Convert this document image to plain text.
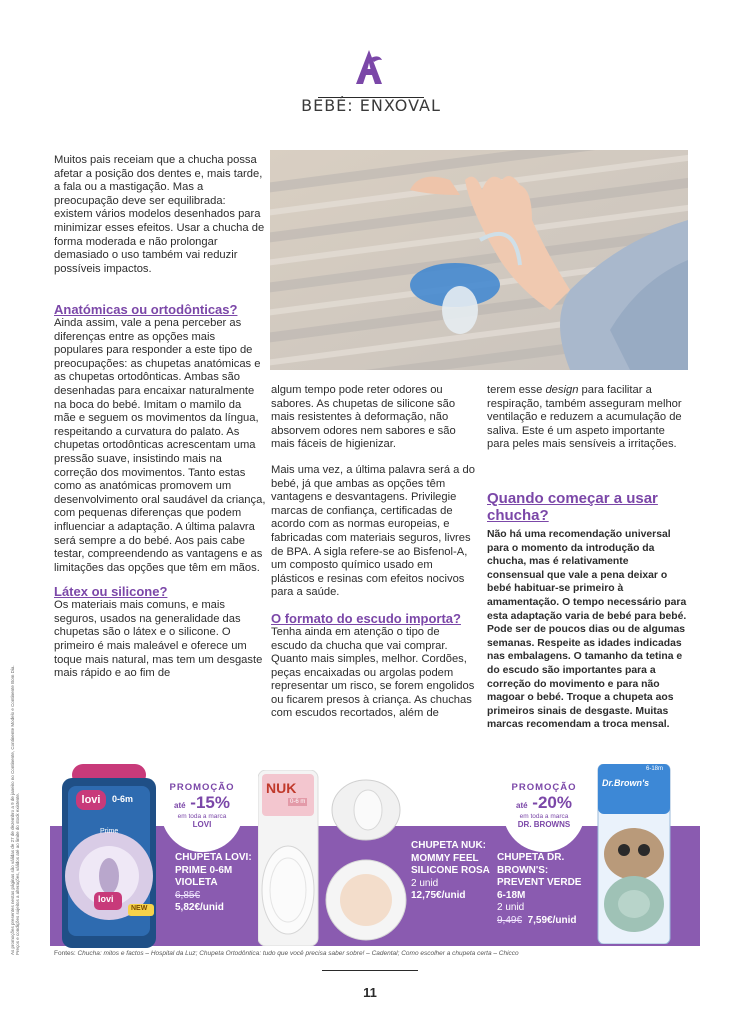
BEBÉ: ENXOVAL
Muitos pais receiam que a chucha possa afetar a posição dos dentes e, mais tarde, a fala ou a mastigação. Mas a preocupação deve ser equilibrada: existem vários modelos desenhados para minimizar esses efeitos. Usar a chucha de forma moderada e não prolongar demasiado o uso também vai reduzir possíveis impactos.
Anatómicas ou ortodônticas?
Ainda assim, vale a pena perceber as diferenças entre as opções mais populares para responder a este tipo de preocupações: as chupetas anatómicas e as chupetas ortodônticas. Ambas são desenhadas para encaixar naturalmente na boca do bebé. Imitam o mamilo da mãe e seguem os movimentos da língua, respeitando a curvatura do palato. As chupetas ortodônticas acrescentam uma pressão suave, insistindo mais na correção dos movimentos. Tanto estas como as anatómicas promovem um desenvolvimento oral saudável da criança, com pequenas diferenças que podem influenciar a adaptação. A última palavra será sempre a do bebé. Aos pais cabe testar, compreendendo as vantagens e as limitações das opções que têm em mãos.
Látex ou silicone?
Os materiais mais comuns, e mais seguros, usados na generalidade das chupetas são o látex e o silicone. O primeiro é mais maleável e oferece um toque mais natural, mas tem um desgaste mais rápido e ao fim de
algum tempo pode reter odores ou sabores. As chupetas de silicone são mais resistentes à deformação, não absorvem odores nem sabores e são mais fáceis de higienizar.
Mais uma vez, a última palavra será a do bebé, já que ambas as opções têm vantagens e desvantagens. Privilegie marcas de confiança, certificadas de acordo com as normas europeias, e fabricadas com materiais seguros, livres de BPA. A sigla refere-se ao Bisfenol-A, um composto químico usado em plásticos e resinas com efeitos nocivos para a saúde.
O formato do escudo importa?
Tenha ainda em atenção o tipo de escudo da chucha que vai comprar. Quanto mais simples, melhor. Cordões, peças encaixadas ou argolas podem representar um risco, se forem engolidos ou ficarem presos à criança. As chuchas com escudos recortados, além de
terem esse design para facilitar a respiração, também asseguram melhor ventilação e reduzem a acumulação de saliva. Este é um aspeto importante para peles mais sensíveis a irritações.
Quando começar a usar chucha?
Não há uma recomendação universal para o momento da introdução da chucha, mas é relativamente consensual que vale a pena deixar o bebé habituar-se primeiro à amamentação. O tempo necessário para esta adaptação varia de bebé para bebé. Pode ser de poucos dias ou de algumas semanas. Respeite as idades indicadas nas embalagens. O tamanho da tetina e do escudo são importantes para a correção do movimento e para não magoar o bebé. Troque a chupeta aos primeiros sinais de desgaste. Muitas marcas recomendam a troca mensal.
lovi	0-6m
Prime
lovi
NEW
PROMOÇÃO
até -15%
em toda a marca
LOVI
CHUPETA LOVI: PRIME 0-6M VIOLETA
6,85€
5,82€/unid
NUK
0-6 m
CHUPETA NUK: MOMMY FEEL SILICONE ROSA
2 unid
12,75€/unid
PROMOÇÃO
até -20%
em toda a marca
DR. BROWNS
Dr.Brown's
6-18m
CHUPETA DR. BROWN'S: PREVENT VERDE 6-18M
2 unid
9,49€ 7,59€/unid
As promoções presentes nestas páginas são válidas de 27 de dezembro a 9 de janeiro no Continente, Continente Modelo e Continente Bom Dia. Preços e condições sujeitos a alterações, válidos até ao limite do stock existente.	Fontes: Chucha: mitos e factos – Hospital da Luz; Chupeta Ortodôntica: tudo que você precisa saber sobre! – Cadental; Como escolher a chupeta certa – Chicco
11
